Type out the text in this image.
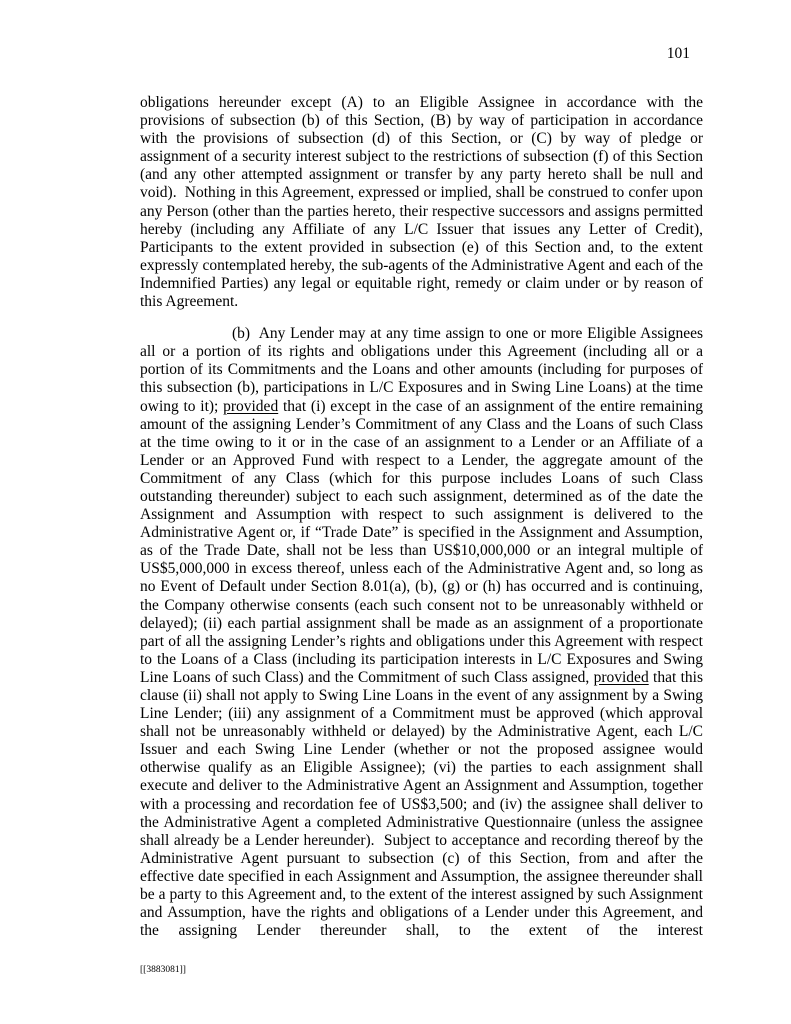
101

obligations hereunder except (A) to an Eligible Assignee in accordance with the provisions of subsection (b) of this Section, (B) by way of participation in accordance with the provisions of subsection (d) of this Section, or (C) by way of pledge or assignment of a security interest subject to the restrictions of subsection (f) of this Section (and any other attempted assignment or transfer by any party hereto shall be null and void).  Nothing in this Agreement, expressed or implied, shall be construed to confer upon any Person (other than the parties hereto, their respective successors and assigns permitted hereby (including any Affiliate of any L/C Issuer that issues any Letter of Credit), Participants to the extent provided in subsection (e) of this Section and, to the extent expressly contemplated hereby, the sub-agents of the Administrative Agent and each of the Indemnified Parties) any legal or equitable right, remedy or claim under or by reason of this Agreement.

(b)  Any Lender may at any time assign to one or more Eligible Assignees all or a portion of its rights and obligations under this Agreement (including all or a portion of its Commitments and the Loans and other amounts (including for purposes of this subsection (b), participations in L/C Exposures and in Swing Line Loans) at the time owing to it); provided that (i) except in the case of an assignment of the entire remaining amount of the assigning Lender’s Commitment of any Class and the Loans of such Class at the time owing to it or in the case of an assignment to a Lender or an Affiliate of a Lender or an Approved Fund with respect to a Lender, the aggregate amount of the Commitment of any Class (which for this purpose includes Loans of such Class outstanding thereunder) subject to each such assignment, determined as of the date the Assignment and Assumption with respect to such assignment is delivered to the Administrative Agent or, if “Trade Date” is specified in the Assignment and Assumption, as of the Trade Date, shall not be less than US$10,000,000 or an integral multiple of US$5,000,000 in excess thereof, unless each of the Administrative Agent and, so long as no Event of Default under Section 8.01(a), (b), (g) or (h) has occurred and is continuing, the Company otherwise consents (each such consent not to be unreasonably withheld or delayed); (ii) each partial assignment shall be made as an assignment of a proportionate part of all the assigning Lender’s rights and obligations under this Agreement with respect to the Loans of a Class (including its participation interests in L/C Exposures and Swing Line Loans of such Class) and the Commitment of such Class assigned, provided that this clause (ii) shall not apply to Swing Line Loans in the event of any assignment by a Swing Line Lender; (iii) any assignment of a Commitment must be approved (which approval shall not be unreasonably withheld or delayed) by the Administrative Agent, each L/C Issuer and each Swing Line Lender (whether or not the proposed assignee would otherwise qualify as an Eligible Assignee); (vi) the parties to each assignment shall execute and deliver to the Administrative Agent an Assignment and Assumption, together with a processing and recordation fee of US$3,500; and (iv) the assignee shall deliver to the Administrative Agent a completed Administrative Questionnaire (unless the assignee shall already be a Lender hereunder).  Subject to acceptance and recording thereof by the Administrative Agent pursuant to subsection (c) of this Section, from and after the effective date specified in each Assignment and Assumption, the assignee thereunder shall be a party to this Agreement and, to the extent of the interest assigned by such Assignment and Assumption, have the rights and obligations of a Lender under this Agreement, and the assigning Lender thereunder shall, to the extent of the interest

[[3883081]]
